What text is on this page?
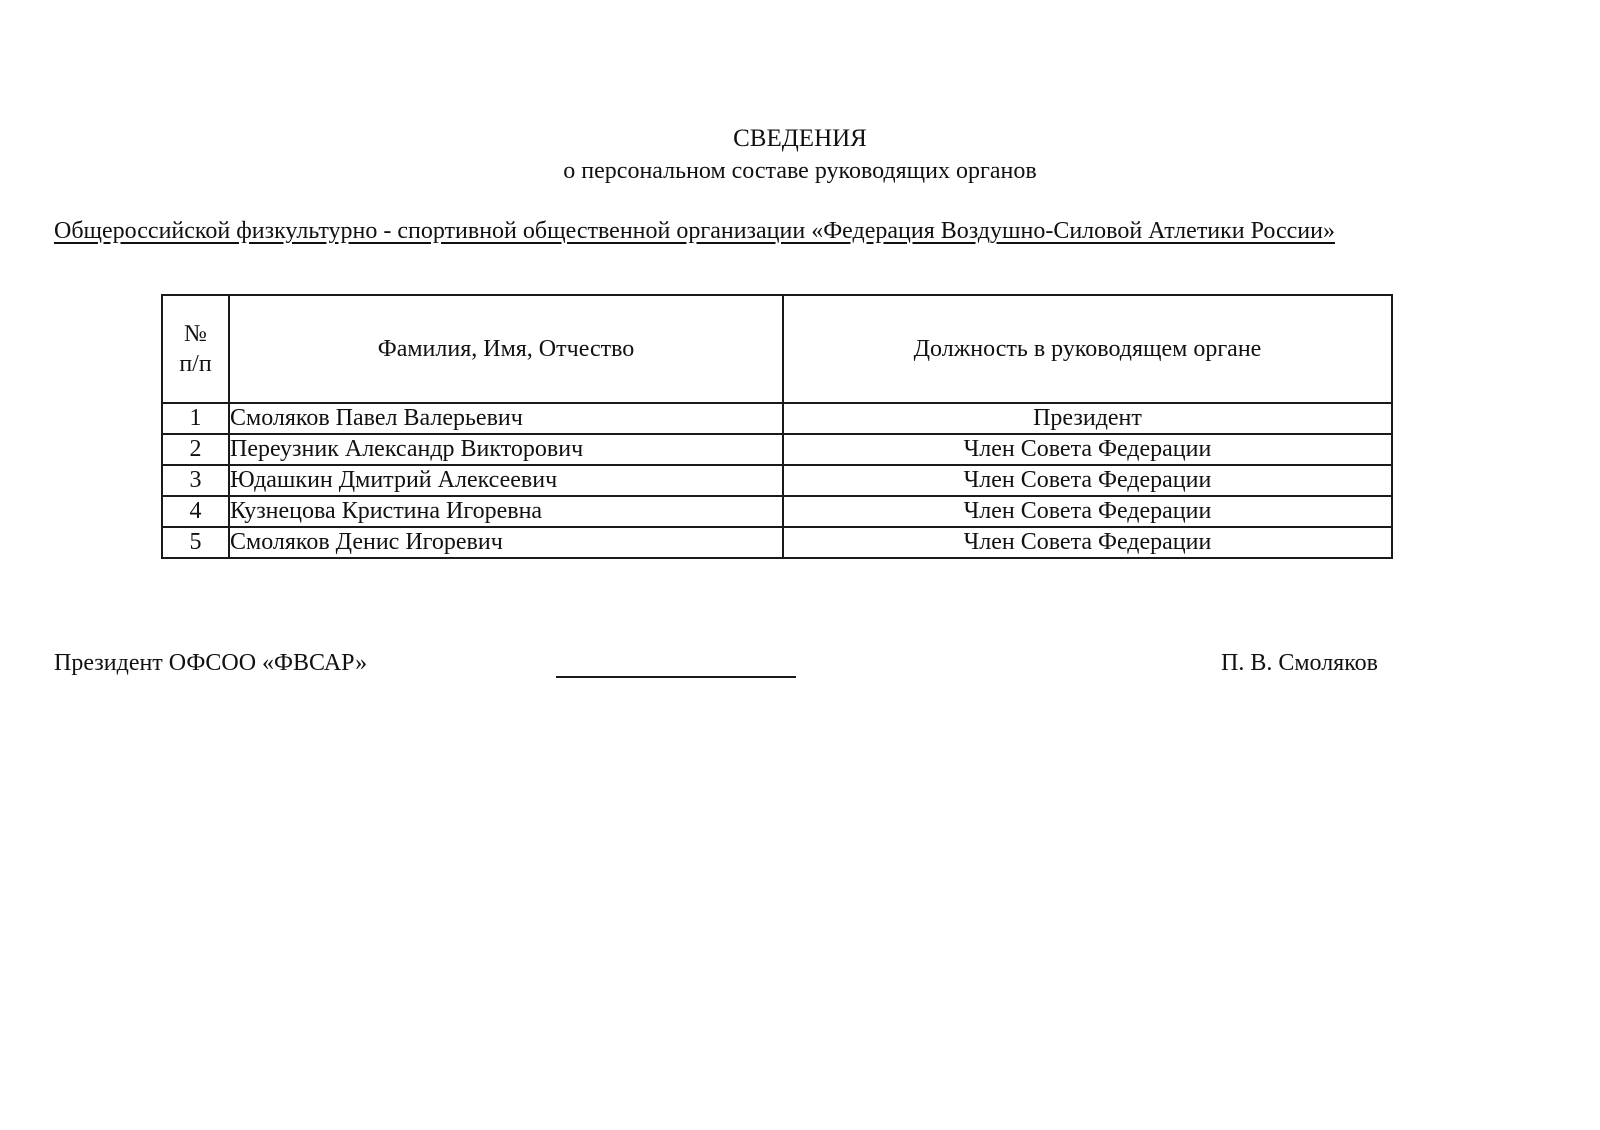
СВЕДЕНИЯ
о персональном составе руководящих органов
Общероссийской физкультурно - спортивной общественной организации «Федерация Воздушно-Силовой Атлетики России»
№
п/п	Фамилия, Имя, Отчество	Должность в руководящем органе
1	Смоляков Павел Валерьевич	Президент
2	Переузник Александр Викторович	Член Совета Федерации
3	Юдашкин Дмитрий Алексеевич	Член Совета Федерации
4	Кузнецова Кристина Игоревна	Член Совета Федерации
5	Смоляков Денис Игоревич	Член Совета Федерации
Президент ОФСОО «ФВСАР»	П. В. Смоляков
